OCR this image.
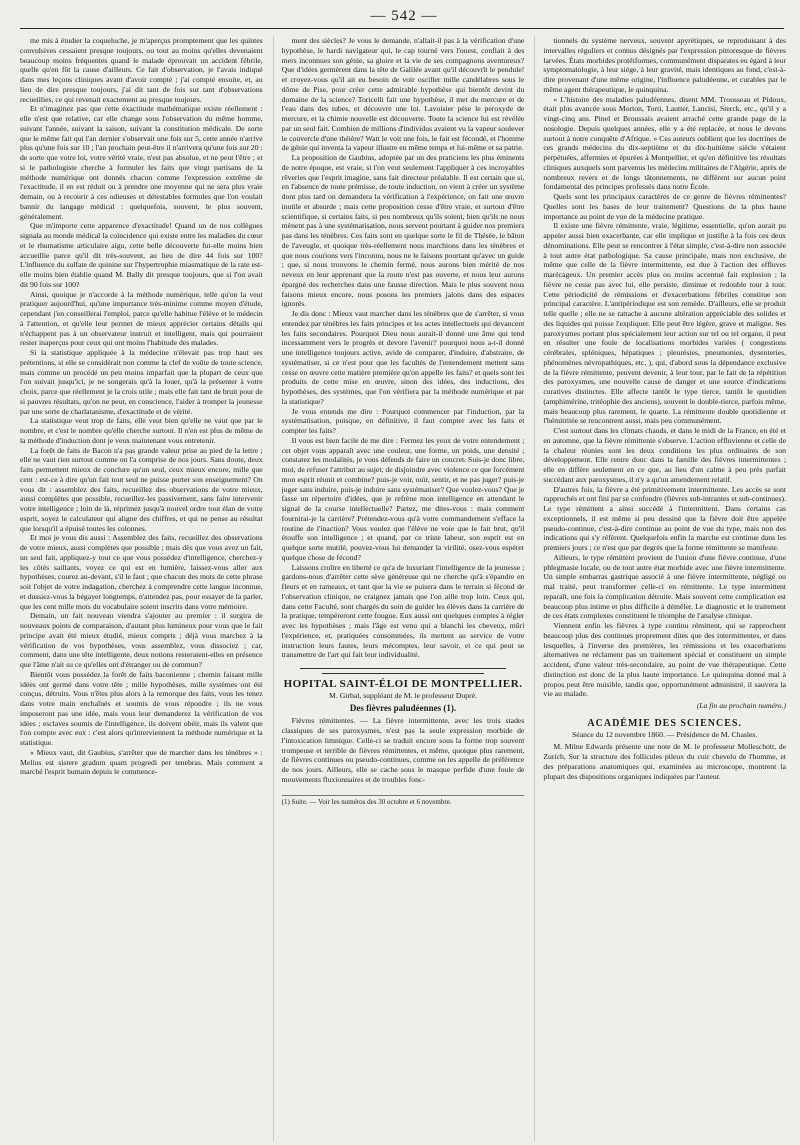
— 542 —

me mis à étudier la coqueluche, je m'aperçus promptement que les quintes convulsives cessaient presque toujours, ou tout au moins qu'elles devenaient beaucoup moins fréquentes quand le malade éprouvait un accident fébrile, quelle qu'en fût la cause d'ailleurs. Ce fait d'observation, je l'avais indiqué dans mes leçons cliniques avant d'avoir compté ; j'ai compté ensuite, et, au lieu de dire presque toujours, j'ai dit tant de fois sur tant d'observations recueillies, ce qui revenait exactement au presque toujours.

Et n'imaginez pas que cette exactitude mathématique existe réellement : elle n'est que relative, car elle change sous l'observation du même homme, suivant l'année, suivant la saison, suivant la constitution médicale. De sorte que le même fait qui l'an dernier s'observait une fois sur 5, cette année n'arrive plus qu'une fois sur 10 ; l'an prochain peut-être il n'arrivera qu'une fois sur 20 : de sorte que votre loi, votre vérité vraie, n'est pas absolue, et ne peut l'être ; et si le pathologiste cherche à formuler les faits que vingt partisans de la méthode numérique ont donnés chacun comme l'expression extrême de l'exactitude, il en est réduit ou à prendre une moyenne qui ne sera plus vraie demain, ou à recourir à ces odieuses et détestables formules que l'on voulait bannir du langage médical : quelquefois, souvent, le plus souvent, généralement.

Que m'importe cette apparence d'exactitude! Quand un de nos collègues signala au monde médical la coïncidence qui existe entre les maladies du cœur et le rhumatisme articulaire aigu, cette belle découverte fut-elle moins bien accueillie parce qu'il dit très-souvent, au lieu de dire 44 fois sur 100? L'influence du sulfate de quinine sur l'hypertrophie miasmatique de la rate est-elle moins bien établie quand M. Bally dit presque toujours, que si l'on avait dit 90 fois sur 100?

Ainsi, quoique je n'accorde à la méthode numérique, telle qu'on la veut pratiquer aujourd'hui, qu'une importance très-minime comme moyen d'étude, cependant j'en conseillerai l'emploi, parce qu'elle habitue l'élève et le médecin à l'attention, et qu'elle leur permet de mieux apprécier certains détails qui n'échappent pas à un observateur instruit et intelligent, mais qui pourraient rester inaperçus pour ceux qui ont moins l'habitude des malades.

Si la statistique appliquée à la médecine n'élevait pas trop haut ses prétentions, si elle se considérait non comme la clef de voûte de toute science, mais comme un procédé un peu moins imparfait que la plupart de ceux que l'on suivait jusqu'ici, je ne songerais qu'à la louer, qu'à la présenter à votre choix, parce que réellement je la crois utile ; mais elle fait tant de bruit pour de si pauvres résultats, qu'on ne peut, en conscience, l'aider à tromper la jeunesse par une sorte de charlatanisme, d'exactitude et de vérité.

La statistique veut trop de faits, elle veut bien qu'elle ne vaut que par le nombre, et c'est le nombre qu'elle cherche surtout. Il n'en est plus de même de la méthode d'induction dont je veux maintenant vous entretenir.

La forêt de faits de Bacon n'a pas grande valeur prise au pied de la lettre ; elle ne vaut rien surtout comme on l'a comprise de nos jours. Sans doute, deux faits permettent mieux de conclure qu'un seul, ceux mieux encore, mille que cent : est-ce à dire qu'un fait tout seul ne puisse porter son enseignement? On vous dit : assemblez des faits, recueillez des observations de votre mieux, aussi complètes que possible, recueillez-les passivement, sans faire intervenir votre intelligence ; loin de là, réprimez jusqu'à nouvel ordre tout élan de votre esprit, soyez le calculateur qui aligne des chiffres, et qui ne pense au résultat que lorsqu'il a épuisé toutes les colonnes.

Et moi je vous dis aussi : Assemblez des faits, recueillez des observations de votre mieux, aussi complètes que possible ; mais dès que vous avez un fait, un seul fait, appliquez-y tout ce que vous possédez d'intelligence, cherchez-y les côtés saillants, voyez ce qui est en lumière, laissez-vous aller aux hypothèses, courez au-devant, s'il le faut ; que chacun des mots de cette phrase soit l'objet de votre indagation, cherchez à comprendre cette langue inconnue, et dussiez-vous la bégayer longtemps, n'attendez pas, pour essayer de la parler, que les cent mille mots du vocabulaire soient inscrits dans votre mémoire.

Demain, un fait nouveau viendra s'ajouter au premier : il surgira de nouveaux points de comparaison, d'autant plus lumineux pour vous que le fait principe avait été mieux étudié, mieux compris ; déjà vous marchez à la vérification de vos hypothèses, vous assemblez, vous dissociez ; car, comment, dans une tête intelligente, deux notions resteraient-elles en présence que l'âme n'ait su ce qu'elles ont d'étranger ou de commun?

Bientôt vous possédez la forêt de faits baconienne ; chemin faisant mille idées ont germé dans votre tête ; mille hypothèses, mille systèmes ont été conçus, détruits. Vous n'êtes plus alors à la remorque des faits, vous les tenez dans votre main enchaînés et soumis de vous répondre ; ils ne vous imposeront pas une idée, mais vous leur demanderez la vérification de vos idées ; esclaves soumis de l'intelligence, ils doivent obéir, mais ils valent que l'on compte avec eux : c'est alors qu'interviennent la méthode numérique et la statistique.

« Mieux vaut, dit Gaubius, s'arrêter que de marcher dans les ténèbres » : Melius est sistere gradum quam progredi per tenebras. Mais comment a marché l'esprit humain depuis le commence-

ment des siècles? Je vous le demande, n'allait-il pas à la vérification d'une hypothèse, le hardi navigateur qui, le cap tourné vers l'ouest, confiait à des mers inconnues son génie, sa gloire et la vie de ses compagnons aventureux? Que d'idées germèrent dans la tête de Galilée avant qu'il découvrît le pendule! et croyez-vous qu'il ait eu besoin de voir osciller mille candélabres sous le dôme de Pise, pour créer cette admirable hypothèse qui bientôt devint du domaine de la science? Toricelli fait une hypothèse, il met du mercure et de l'eau dans des tubes, et découvre une loi. Lavoisier pèse le peroxyde de mercure, et la chimie nouvelle est découverte. Toute la science lui est révélée par un seul fait. Combien de millions d'individus avaient vu la vapeur soulever le couvercle d'une théière? Watt le voit une fois, le fait est fécondé, et l'homme de génie qui inventa la vapeur illustre en même temps et lui-même et sa patrie.

La proposition de Gaubius, adoptée par un des praticiens les plus éminents de notre époque, est vraie, si l'on veut seulement l'appliquer à ces incroyables rêveries que l'esprit imagine, sans fait directeur préalable. Il est certain que si, en l'absence de toute prémisse, de toute induction, on vient à créer un système dont plus tard on demandera la vérification à l'expérience, on fait une œuvre inutile et absurde ; mais cette proposition cesse d'être vraie, et surtout d'être scientifique, si certains faits, si peu nombreux qu'ils soient, bien qu'ils ne nous mènent pas à une systématisation, nous servent pourtant à guider nos premiers pas dans les ténèbres. Ces faits sont en quelque sorte le fil de Thésée, le bâton de l'aveugle, et quoique très-réellement nous marchions dans les ténèbres et que nous courions vers l'inconnu, nous ne le faisons pourtant qu'avec un guide ; que, si nous trouvons le chemin fermé, nous aurons bien mérité de nos neveux en leur apprenant que la route n'est pas ouverte, et nous leur aurons épargné des recherches dans une fausse direction. Mais le plus souvent nous faisons mieux encore, nous posons les premiers jalons dans des espaces ignorés.

Je dis donc : Mieux vaut marcher dans les ténèbres que de s'arrêter, si vous entendez par ténèbres les faits principes et les actes intellectuels qui devancent les faits secondaires. Pourquoi Dieu nous aurait-il donné une âme qui tend incessamment vers le progrès et devore l'avenir? pourquoi nous a-t-il donné une intelligence toujours active, avide de comparer, d'induire, d'abstraire, de systématiser, si ce n'est pour que les facultés de l'entendement mettent sans cesse en œuvre cette matière première qu'on appelle les faits? et quels sont les produits de cette mise en œuvre, sinon des idées, des inductions, des hypothèses, des systèmes, que l'on vérifiera par la méthode numérique et par la statistique?

Je vous entends me dire : Pourquoi commencer par l'induction, par la systématisation, puisque, en définitive, il faut compter avec les faits et compter les faits?

Il vous est bien facile de me dire : Fermez les yeux de votre entendement ; cet objet vous apparaît avec une couleur, une forme, un poids, une densité ; constatez les modalités, je vous défends de faire un concret. Suis-je donc libre, moi, de refuser l'attribut au sujet, de disjoindre avec violence ce que forcément mon esprit réunit et combine? puis-je voir, ouïr, sentir, et ne pas juger? puis-je juger sans induire, puis-je induire sans systématiser? Que voulez-vous? Que je fasse un répertoire d'idées, que je refrène mon intelligence en attendant le signal de la course intellectuelle? Partez, me dites-vous : mais comment fournirai-je la carrière? Prétendez-vous qu'à votre commandement s'efface la routine de l'inaction? Vous voulez que l'élève ne voie que le fait brut, qu'il étouffe son intelligence ; et quand, par ce triste labeur, son esprit est en quelque sorte mutilé, pouvez-vous lui demander la virilité, osez-vous espérer quelque chose de fécond?

Laissons croître en liberté ce qu'a de luxuriant l'intelligence de la jeunesse ; gardons-nous d'arrêter cette sève généreuse qui ne cherche qu'à s'épandre en fleurs et en rameaux, et tant que la vie se puisera dans le terrain si fécond de l'observation clinique, ne craignez jamais que l'on aille trop loin. Ceux qui, dans cette Faculté, sont chargés du soin de guider les élèves dans la carrière de la pratique, tempéreront cette fougue. Eux aussi ont quelques comptes à régler avec les hypothèses ; mais l'âge est venu qui a blanchi les cheveux, mûri l'expérience, et, pratiquées consommées, ils mettent au service de votre instruction leurs fautes, leurs mécomptes, leur savoir, et ce qui peut se transmettre de l'art qui fait leur individualité.

HOPITAL SAINT-ÉLOI DE MONTPELLIER.
M. Girbal, suppléant de M. le professeur Dupré.
Des fièvres paludéennes (1).

Fièvres rémittentes. — La fièvre intermittente, avec les trois stades classiques de ses paroxysmes, n'est pas la seule expression morbide de l'intoxication limnique. Celle-ci se traduit encore sous la forme trop souvent trompeuse et terrible de fièvres rémittentes, et même, quoique plus rarement, de fièvres continues ou pseudo-continues, comme on les appelle de préférence de nos jours. Ailleurs, elle se cache sous le masque perfide d'une foule de mouvements fluxionnaires et de troubles fonc-

(1) Suite. — Voir les numéros des 30 octobre et 6 novembre.

tionnels du système nerveux, souvent apyrétiques, se reproduisant à des intervalles réguliers et connus désignés par l'expression pittoresque de fièvres larvées. États morbides protéiformes, communément disparates eu égard à leur symptomatologie, à leur siége, à leur gravité, mais identiques au fond, c'est-à-dire provenant d'une même origine, l'influence paludéenne, et curables par le même agent thérapeutique, le quinquina.

« L'histoire des maladies paludéennes, disent MM. Trousseau et Pidoux, était plus avancée sous Morton, Torti, Lautter, Lancisi, Sterck, etc., qu'il y a vingt-cinq ans. Pinel et Broussais avaient arraché cette grande page de la nosologie. Depuis quelques années, elle y a été replacée, et nous le devons surtout à notre conquête d'Afrique. » Ces auteurs oublient que les doctrines de ces grands médecins du dix-septième et du dix-huitième siècle s'étaient perpétuées, affermies et épurées à Montpellier, et qu'en définitive les résultats cliniques auxquels sont parvenus les médecins militaires de l'Algérie, après de nombreux revers et de longs tâtonnements, ne diffèrent sur aucun point fondamental des principes professés dans notre École.

Quels sont les principaux caractères de ce genre de fièvres rémittentes? Quelles sont les bases de leur traitement? Questions de la plus haute importance au point de vue de la médecine pratique.

Il existe une fièvre rémittente, vraie, légitime, essentielle, qu'on aurait pu appeler aussi bien exacerbante, car elle implique et justifie à la fois ces deux dénominations. Elle peut se rencontrer à l'état simple, c'est-à-dire non associée à tout autre état pathologique. Sa cause principale, mais non exclusive, de même que celle de la fièvre intermittente, est due à l'action des effluves marécageux. Un premier accès plus ou moins accentué fait explosion ; la fièvre ne cesse pas avec lui, elle persiste, diminue et redouble tour à tour. Cette périodicité de rémissions et d'exacerbations fébriles constitue son principal caractère. L'antipériodique est son remède. D'ailleurs, elle se produit telle quelle ; elle ne se rattache à aucune altération appréciable des solides et des liquides qui puisse l'expliquer. Elle peut être légère, grave et maligne. Ses paroxysmes portant plus spécialement leur action sur tel ou tel organe, il peut en résulter une foule de localisations morbides variées ( congestions cérébrales, spléniques, hépatiques ; pleurésies, pneumonies, dysenteries, phénomènes névropathiques, etc. ), qui, d'abord sous la dépendance exclusive de la fièvre rémittente, peuvent devenir, à leur tour, par le fait de la répétition des paroxysmes, une nouvelle cause de danger et une source d'indications curatives distinctes. Elle affecte tantôt le type tierce, tantôt le quotidien (amphimérine, tritéophie des anciens), souvent le double-tierce, parfois même, mais beaucoup plus rarement, le quarte. La rémittente double quotidienne et l'hémitritée se rencontrent aussi, mais peu communément.

C'est surtout dans les climats chauds, et dans le midi de la France, en été et en automne, que la fièvre rémittente s'observe. L'action effluvienne et celle de la chaleur réunies sont les deux conditions les plus ordinaires de son développement. Elle rentre donc dans la famille des fièvres intermittentes ; elle en diffère seulement en ce que, au lieu d'un calme à peu près parfait succédant aux paroxysmes, il n'y a qu'un amendement relatif.

D'autres fois, la fièvre a été primitivement intermittente. Les accès se sont rapprochés et ont fini par se confondre (fièvres sub-intrantes et sub-continues). Le type rémittent a ainsi succédé à l'intermittent. Dans certains cas exceptionnels, il est même si peu dessiné que la fièvre doit être appelée pseudo-continue, c'est-à-dire continue au point de vue du type, mais non des indications qui s'y réfèrent. Quelquefois enfin la marche est continue dans les premiers jours ; ce n'est que par degrés que la forme rémittente se manifeste.

Ailleurs, le type rémittent provient de l'union d'une fièvre continue, d'une phlegmasie locale, ou de tout autre état morbide avec une fièvre intermittente. Un simple embarras gastrique associé à une fièvre intermittente, négligé ou mal traité, peut transformer celle-ci en rémittente. Le type intermittent reparaît, une fois la complication détruite. Mais souvent cette complication est beaucoup plus intime et plus difficile à démêler. Le diagnostic et le traitement de ces états complexes constituent le triomphe de l'analyse clinique.

Viennent enfin les fièvres à type continu rémittent, qui se rapprochent beaucoup plus des continues proprement dites que des intermittentes, et dans lesquelles, à l'inverse des premières, les rémissions et les exacerbations alternatives ne réclament pas un traitement spécial et constituent un simple accident, d'une valeur très-secondaire, au point de vue thérapeutique. Cette distinction est donc de la plus haute importance. Le quinquina donné mal à propos peut être nuisible, tandis que, opportunément administré, il sauvera la vie au malade.

(La fin au prochain numéro.)
ACADÉMIE DES SCIENCES.
Séance du 12 novembre 1860. — Présidence de M. Chasles.

M. Milne Edwards présente une note de M. le professeur Molleschott, de Zurich, Sur la structure des follicules pileux du cuir chevelu de l'homme, et des préparations anatomiques qui, examinées au microscope, montrent la plupart des dispositions organiques indiquées par l'auteur.
